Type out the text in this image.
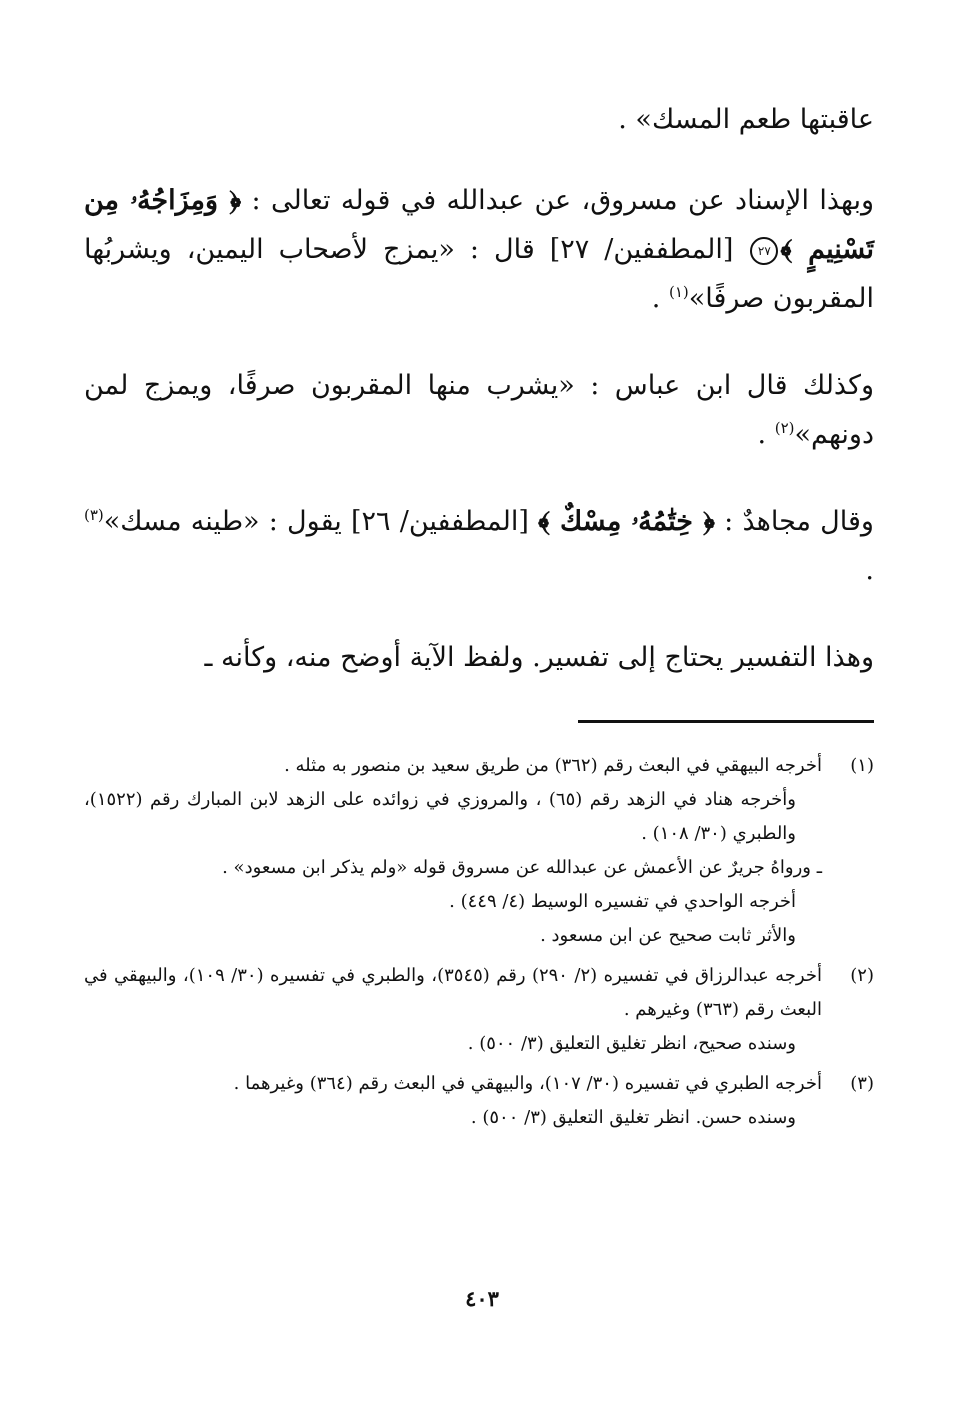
عاقبتها طعم المسك» .

وبهذا الإسناد عن مسروق، عن عبدالله في قوله تعالى : ﴿ وَمِزَاجُهُۥ مِن تَسْنِيمٍ ﴾٢٧ [المطففين/ ٢٧] قال : «يمزج لأصحاب اليمين، ويشربُها المقربون صرفًا»$^{(١)}$ .

وكذلك قال ابن عباس : «يشرب منها المقربون صرفًا، ويمزج لمن دونهم»$^{(٢)}$ .

وقال مجاهدٌ : ﴿ خِتَٰمُهُۥ مِسْكٌ ﴾ [المطففين/ ٢٦] يقول : «طينه مسك»$^{(٣)}$ .

وهذا التفسير يحتاج إلى تفسير. ولفظ الآية أوضح منه، وكأنه ـ

(١)

أخرجه البيهقي في البعث رقم (٣٦٢) من طريق سعيد بن منصور به مثله .

وأخرجه هناد في الزهد رقم (٦٥) ، والمروزي في زوائده على الزهد لابن المبارك رقم (١٥٢٢)، والطبري (٣٠/ ١٠٨) .

ـ ورواهُ جريرٌ عن الأعمش عن عبدالله عن مسروق قوله «ولم يذكر ابن مسعود» .

أخرجه الواحدي في تفسيره الوسيط (٤/ ٤٤٩) .

والأثر ثابت صحيح عن ابن مسعود .

(٢)

أخرجه عبدالرزاق في تفسيره (٢/ ٢٩٠) رقم (٣٥٤٥)، والطبري في تفسيره (٣٠/ ١٠٩)، والبيهقي في البعث رقم (٣٦٣) وغيرهم .

وسنده صحيح، انظر تغليق التعليق (٣/ ٥٠٠) .

(٣)

أخرجه الطبري في تفسيره (٣٠/ ١٠٧)، والبيهقي في البعث رقم (٣٦٤) وغيرهما .

وسنده حسن. انظر تغليق التعليق (٣/ ٥٠٠) .

٤٠٣
